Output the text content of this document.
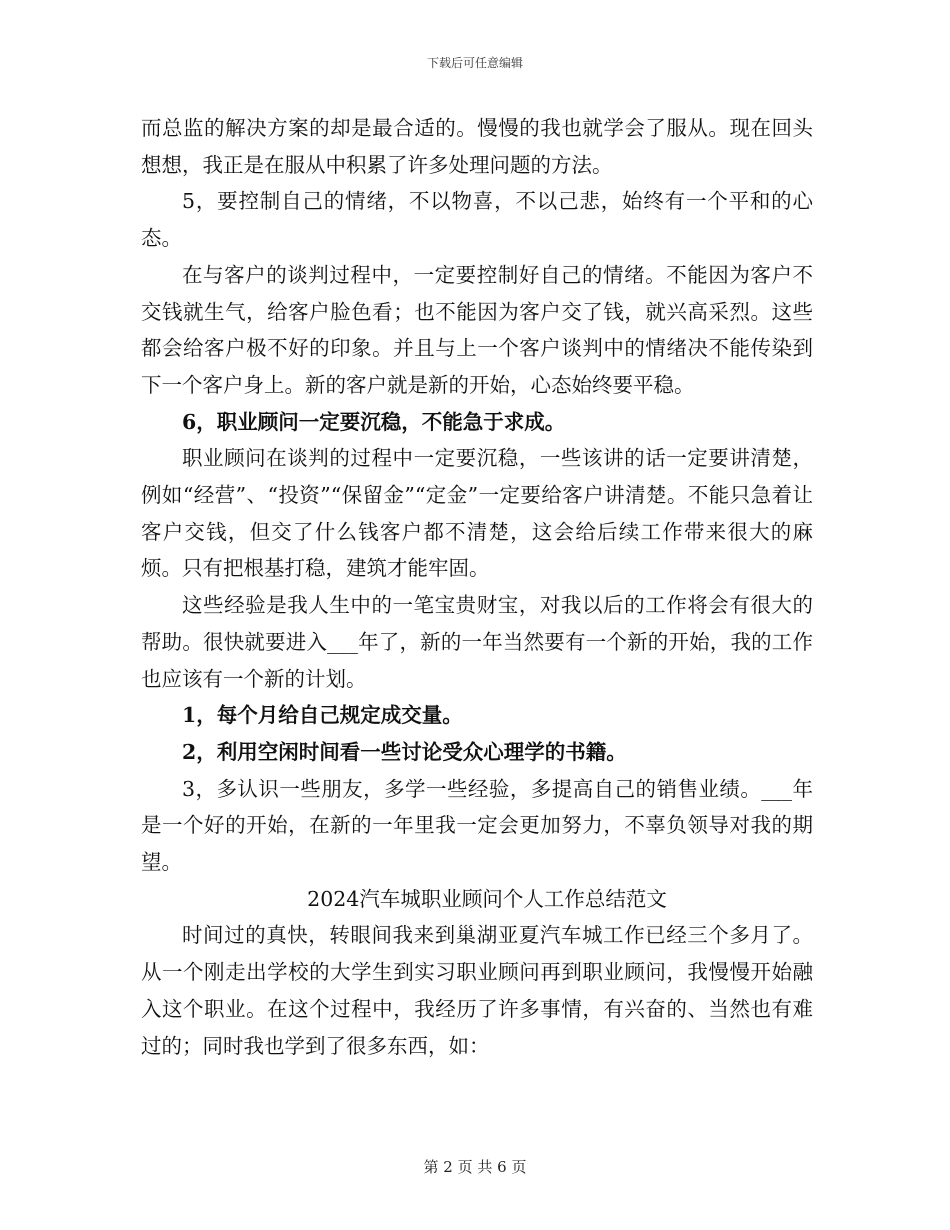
下载后可任意编辑

而总监的解决方案的却是最合适的。慢慢的我也就学会了服从。现在回头想想，我正是在服从中积累了许多处理问题的方法。

5，要控制自己的情绪，不以物喜，不以己悲，始终有一个平和的心态。

在与客户的谈判过程中，一定要控制好自己的情绪。不能因为客户不交钱就生气，给客户脸色看；也不能因为客户交了钱，就兴高采烈。这些都会给客户极不好的印象。并且与上一个客户谈判中的情绪决不能传染到下一个客户身上。新的客户就是新的开始，心态始终要平稳。

6，职业顾问一定要沉稳，不能急于求成。

职业顾问在谈判的过程中一定要沉稳，一些该讲的话一定要讲清楚，例如“经营”、“投资”“保留金”“定金”一定要给客户讲清楚。不能只急着让客户交钱，但交了什么钱客户都不清楚，这会给后续工作带来很大的麻烦。只有把根基打稳，建筑才能牢固。

这些经验是我人生中的一笔宝贵财宝，对我以后的工作将会有很大的帮助。很快就要进入___年了，新的一年当然要有一个新的开始，我的工作也应该有一个新的计划。

1，每个月给自己规定成交量。

2，利用空闲时间看一些讨论受众心理学的书籍。

3，多认识一些朋友，多学一些经验，多提高自己的销售业绩。___年是一个好的开始，在新的一年里我一定会更加努力，不辜负领导对我的期望。

2024汽车城职业顾问个人工作总结范文

时间过的真快，转眼间我来到巢湖亚夏汽车城工作已经三个多月了。从一个刚走出学校的大学生到实习职业顾问再到职业顾问，我慢慢开始融入这个职业。在这个过程中，我经历了许多事情，有兴奋的、当然也有难过的；同时我也学到了很多东西，如：

第 2 页 共 6 页
